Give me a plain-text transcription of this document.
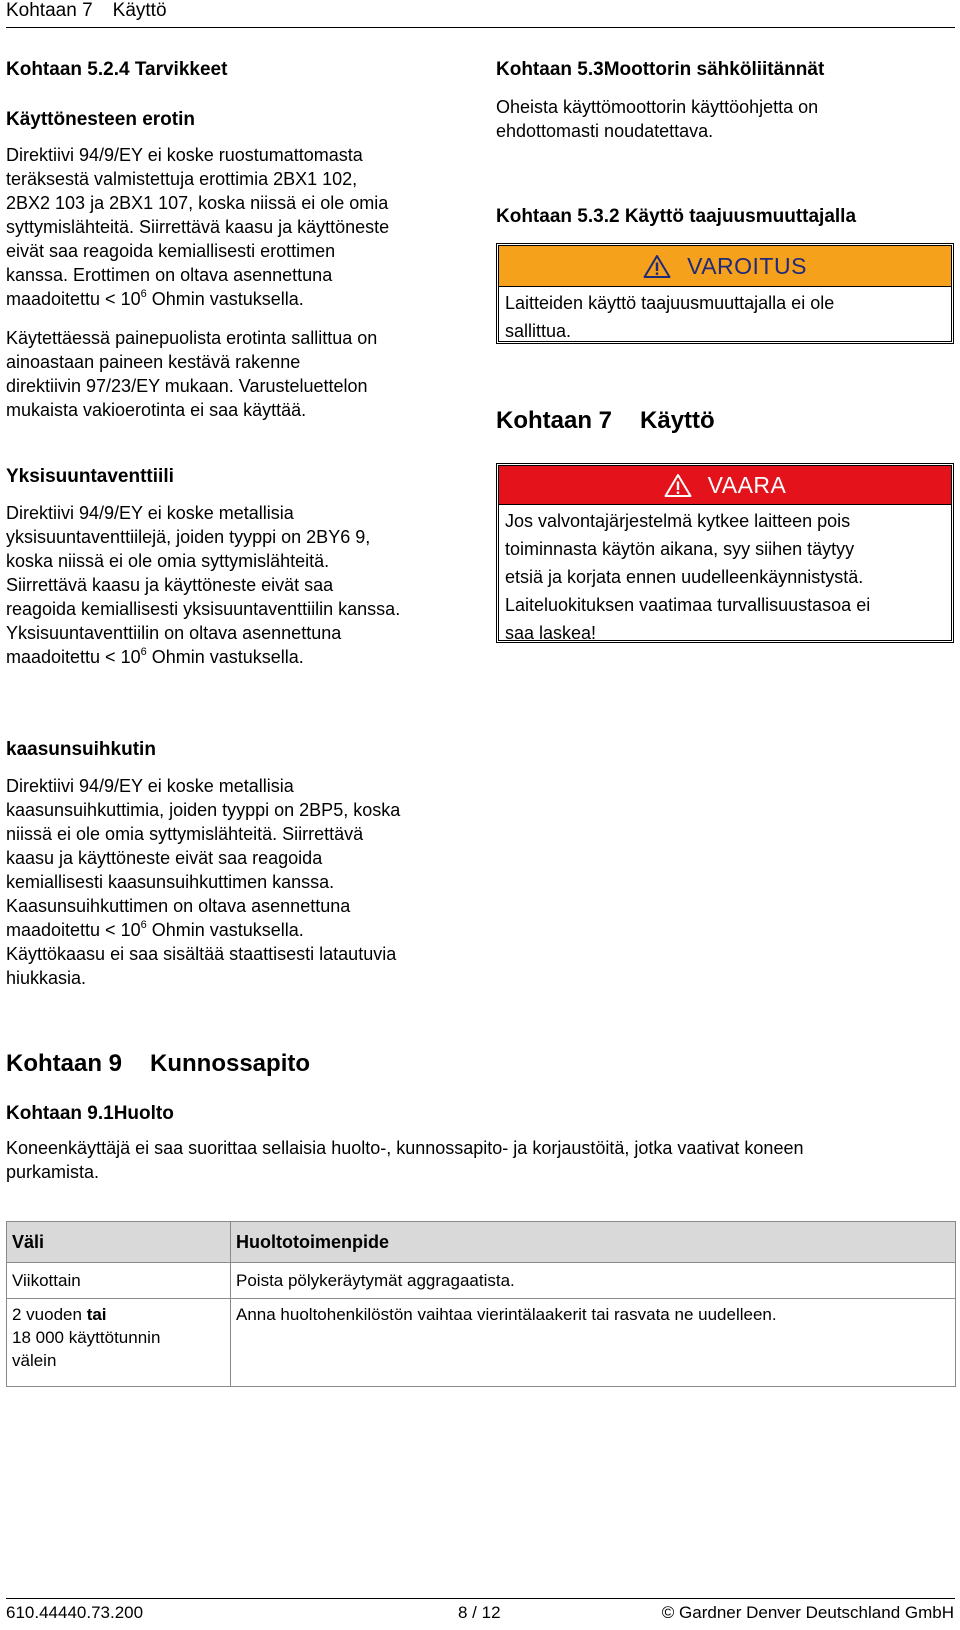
Kohtaan 7 Käyttö
Kohtaan 5.2.4 Tarvikkeet
Käyttönesteen erotin

Direktiivi 94/9/EY ei koske ruostumattomasta

teräksestä valmistettuja erottimia 2BX1 102,

2BX2 103 ja 2BX1 107, koska niissä ei ole omia

syttymislähteitä. Siirrettävä kaasu ja käyttöneste

eivät saa reagoida kemiallisesti erottimen

kanssa. Erottimen on oltava asennettuna

maadoitettu < $10^6$ Ohmin vastuksella.

Käytettäessä painepuolista erotinta sallittua on

ainoastaan paineen kestävä rakenne

direktiivin 97/23/EY mukaan. Varusteluettelon

mukaista vakioerotinta ei saa käyttää.

Yksisuuntaventtiili

Direktiivi 94/9/EY ei koske metallisia

yksisuuntaventtiilejä, joiden tyyppi on 2BY6 9,

koska niissä ei ole omia syttymislähteitä.

Siirrettävä kaasu ja käyttöneste eivät saa

reagoida kemiallisesti yksisuuntaventtiilin kanssa.

Yksisuuntaventtiilin on oltava asennettuna

maadoitettu < $10^6$ Ohmin vastuksella.

kaasunsuihkutin

Direktiivi 94/9/EY ei koske metallisia

kaasunsuihkuttimia, joiden tyyppi on 2BP5, koska

niissä ei ole omia syttymislähteitä. Siirrettävä

kaasu ja käyttöneste eivät saa reagoida

kemiallisesti kaasunsuihkuttimen kanssa.

Kaasunsuihkuttimen on oltava asennettuna

maadoitettu < $10^6$ Ohmin vastuksella.

Käyttökaasu ei saa sisältää staattisesti latautuvia

hiukkasia.

Kohtaan 5.3Moottorin sähköliitännät

Oheista käyttömoottorin käyttöohjetta on

ehdottomasti noudatettava.

Kohtaan 5.3.2 Käyttö taajuusmuuttajalla
VAROITUS

Laitteiden käyttö taajuusmuuttajalla ei ole

sallittua.

Kohtaan 7 Käyttö
VAARA

Jos valvontajärjestelmä kytkee laitteen pois

toiminnasta käytön aikana, syy siihen täytyy

etsiä ja korjata ennen uudelleenkäynnistystä.

Laiteluokituksen vaatimaa turvallisuustasoa ei

saa laskea!

Kohtaan 9 Kunnossapito
Kohtaan 9.1Huolto

Koneenkäyttäjä ei saa suorittaa sellaisia huolto-, kunnossapito- ja korjaustöitä, jotka vaativat koneen

purkamista.

Väli	Huoltotoimenpide
Viikottain	Poista pölykeräytymät aggragaatista.

2 vuoden tai
18 000 käyttötunnin
välein	Anna huoltohenkilöstön vaihtaa vierintälaakerit tai rasvata ne uudelleen.
610.44440.73.200	8 / 12	© Gardner Denver Deutschland GmbH
